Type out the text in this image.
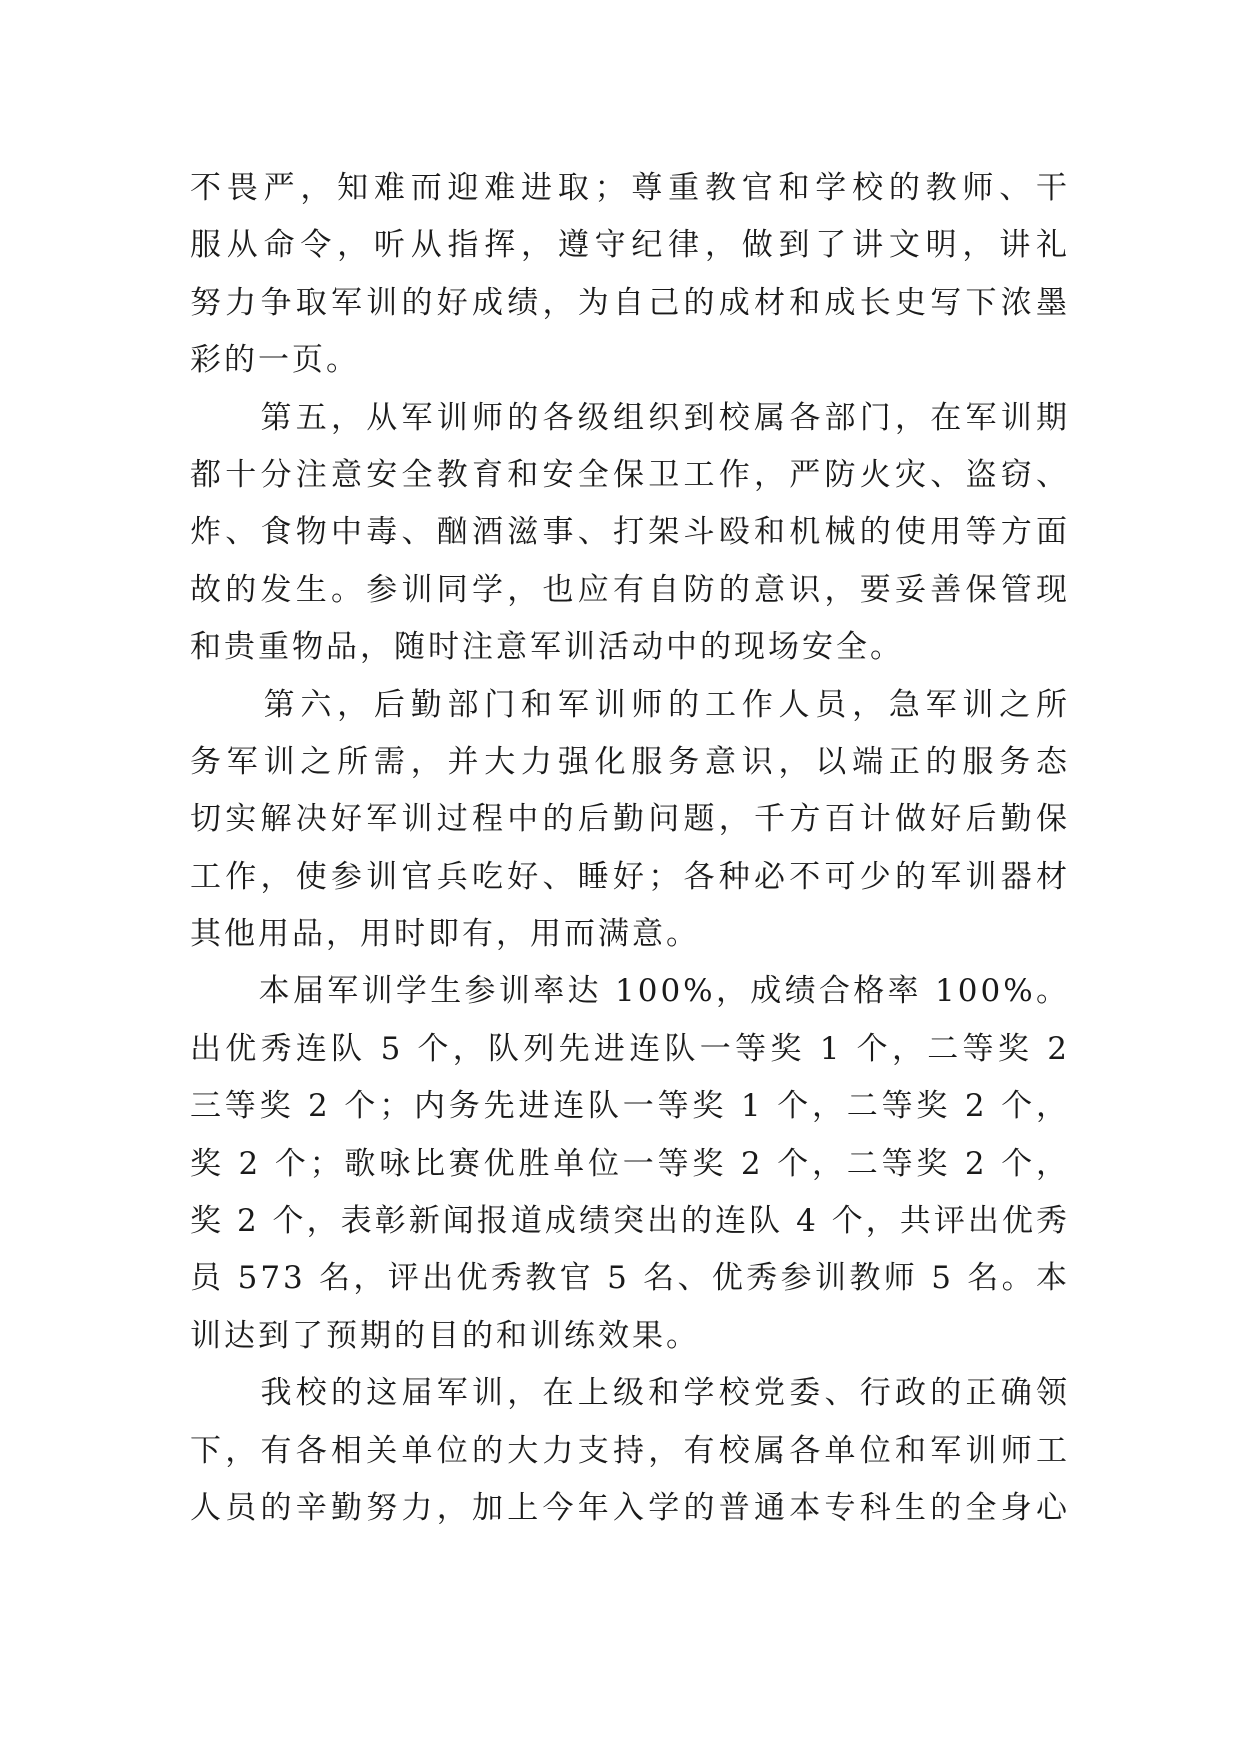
不畏严，知难而迎难进取；尊重教官和学校的教师、干
服从命令，听从指挥，遵守纪律，做到了讲文明，讲礼
努力争取军训的好成绩，为自己的成材和成长史写下浓墨
彩的一页。
　　第五，从军训师的各级组织到校属各部门，在军训期
都十分注意安全教育和安全保卫工作，严防火灾、盗窃、
炸、食物中毒、酗酒滋事、打架斗殴和机械的使用等方面
故的发生。参训同学，也应有自防的意识，要妥善保管现
和贵重物品，随时注意军训活动中的现场安全。
　　第六，后勤部门和军训师的工作人员，急军训之所
务军训之所需，并大力强化服务意识，以端正的服务态
切实解决好军训过程中的后勤问题，千方百计做好后勤保
工作，使参训官兵吃好、睡好；各种必不可少的军训器材
其他用品，用时即有，用而满意。
　　本届军训学生参训率达 100%，成绩合格率 100%。
出优秀连队 5 个，队列先进连队一等奖 1 个，二等奖 2
三等奖 2 个；内务先进连队一等奖 1 个，二等奖 2 个，
奖 2 个；歌咏比赛优胜单位一等奖 2 个，二等奖 2 个，
奖 2 个，表彰新闻报道成绩突出的连队 4 个，共评出优秀
员 573 名，评出优秀教官 5 名、优秀参训教师 5 名。本
训达到了预期的目的和训练效果。
　　我校的这届军训，在上级和学校党委、行政的正确领
下，有各相关单位的大力支持，有校属各单位和军训师工
人员的辛勤努力，加上今年入学的普通本专科生的全身心
